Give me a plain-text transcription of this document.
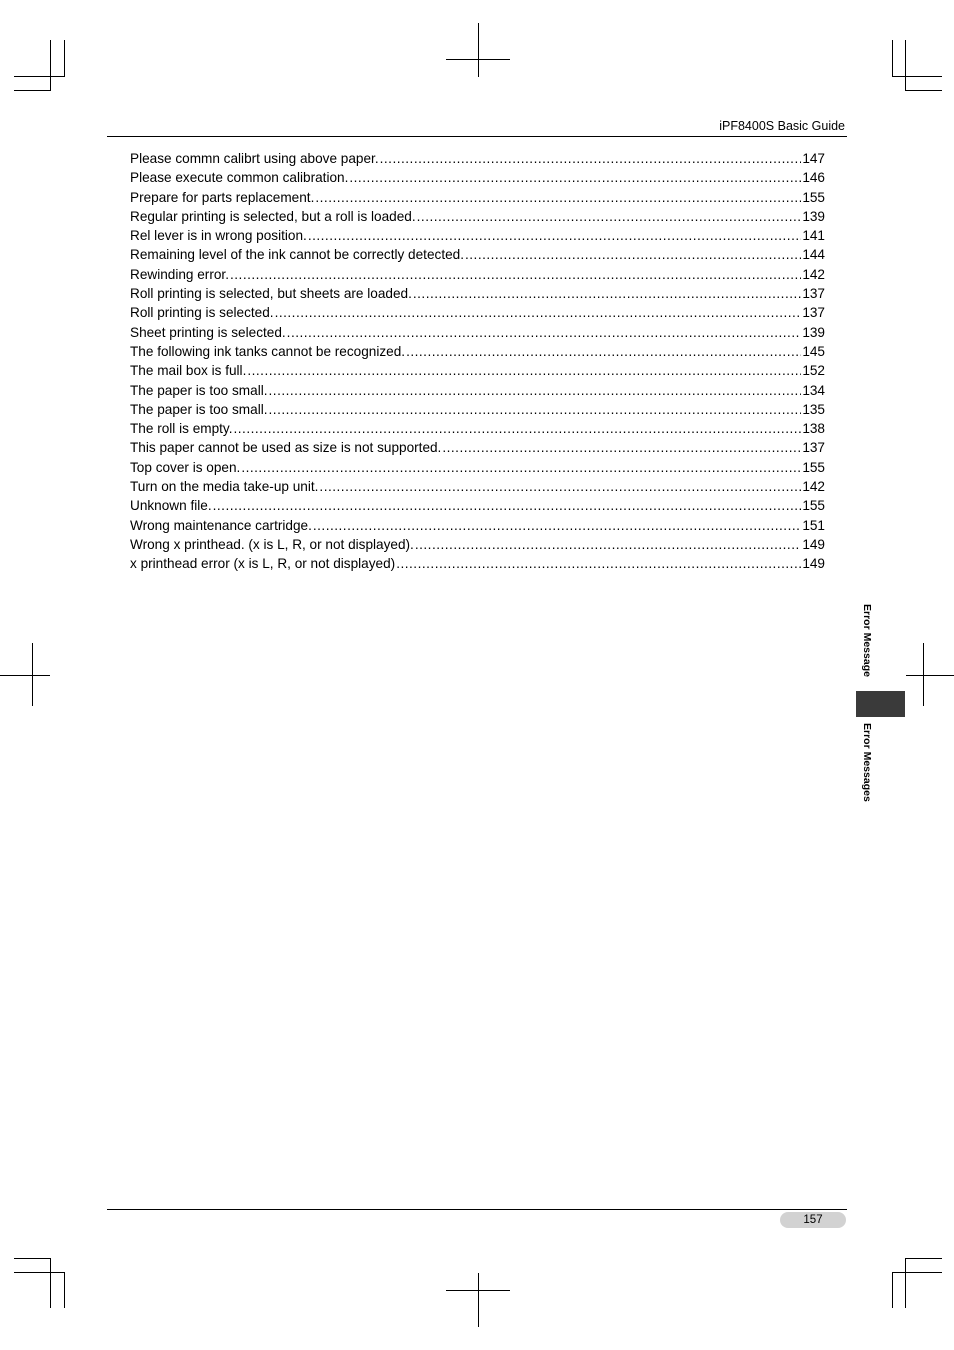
iPF8400S Basic Guide
Please commn calibrt using above paper. .....	147
Please execute common calibration. .....	146
Prepare for parts replacement. .....	155
Regular printing is selected, but a roll is loaded. .....	139
Rel lever is in wrong position. .....	141
Remaining level of the ink cannot be correctly detected. .....	144
Rewinding error. .....	142
Roll printing is selected, but sheets are loaded. .....	137
Roll printing is selected. .....	137
Sheet printing is selected. .....	139
The following ink tanks cannot be recognized. .....	145
The mail box is full. .....	152
The paper is too small. .....	134
The paper is too small. .....	135
The roll is empty. .....	138
This paper cannot be used as size is not supported. .....	137
Top cover is open. .....	155
Turn on the media take-up unit. .....	142
Unknown file. .....	155
Wrong maintenance cartridge. .....	151
Wrong x printhead. (x is L, R, or not displayed). .....	149
x printhead error (x is L, R, or not displayed) .....	149
Error Message
Error Messages
157
